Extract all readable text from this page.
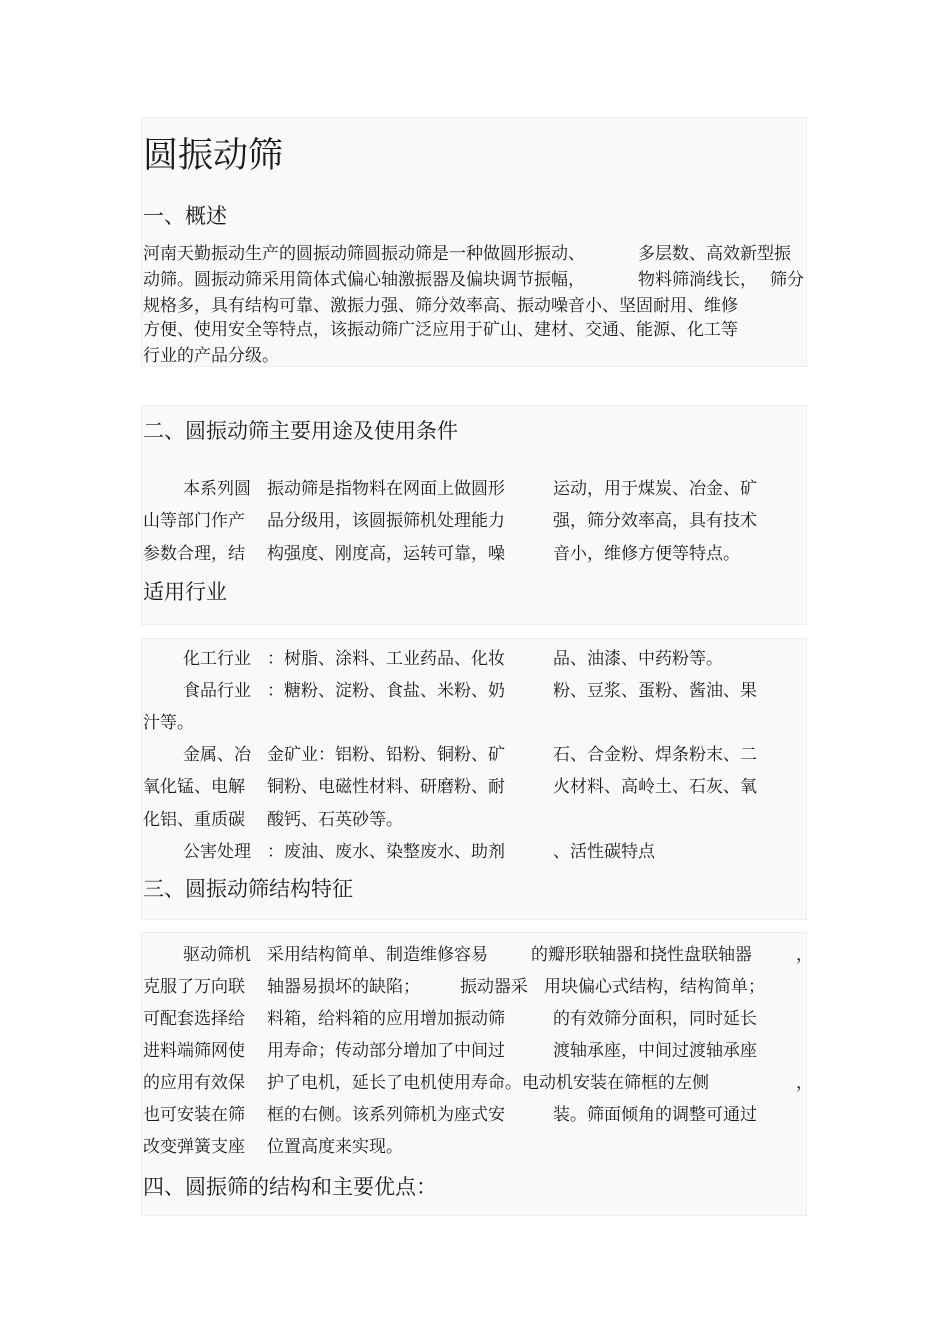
圆振动筛
一、概述
河南天勤振动生产的圆振动筛圆振动筛是一种做圆形振动、	多层数、高效新型振
动筛。圆振动筛采用筒体式偏心轴激振器及偏块调节振幅，	物料筛淌线长， 筛分
规格多，具有结构可靠、激振力强、筛分效率高、振动噪音小、坚固耐用、维修
方便、使用安全等特点，该振动筛广泛应用于矿山、建材、交通、能源、化工等
行业的产品分级。
二、圆振动筛主要用途及使用条件
本系列圆 振动筛是指物料在网面上做圆形	运动，用于煤炭、冶金、矿
山等部门作产 品分级用，该圆振筛机处理能力	强，筛分效率高，具有技术
参数合理，结 构强度、刚度高，运转可靠，噪	音小，维修方便等特点。
适用行业
化工行业 ：树脂、涂料、工业药品、化妆	品、油漆、中药粉等。
食品行业 ：糖粉、淀粉、食盐、米粉、奶	粉、豆浆、蛋粉、酱油、果
汁等。
金属、冶 金矿业：铝粉、铅粉、铜粉、矿	石、合金粉、焊条粉末、二
氧化锰、电解 铜粉、电磁性材料、研磨粉、耐	火材料、高岭土、石灰、氧
化铝、重质碳 酸钙、石英砂等。
公害处理 ：废油、废水、染整废水、助剂	、活性碳特点
三、圆振动筛结构特征
驱动筛机 采用结构简单、制造维修容易	的瓣形联轴器和挠性盘联轴器	，
克服了万向联 轴器易损坏的缺陷； 振动器采 用块偏心式结构，结构简单；
可配套选择给 料箱，给料箱的应用增加振动筛	的有效筛分面积，同时延长
进料端筛网使 用寿命；传动部分增加了中间过	渡轴承座，中间过渡轴承座
的应用有效保 护了电机，延长了电机使用寿命。电动机安装在筛框的左侧	，
也可安装在筛 框的右侧。该系列筛机为座式安	装。筛面倾角的调整可通过
改变弹簧支座 位置高度来实现。
四、圆振筛的结构和主要优点：
